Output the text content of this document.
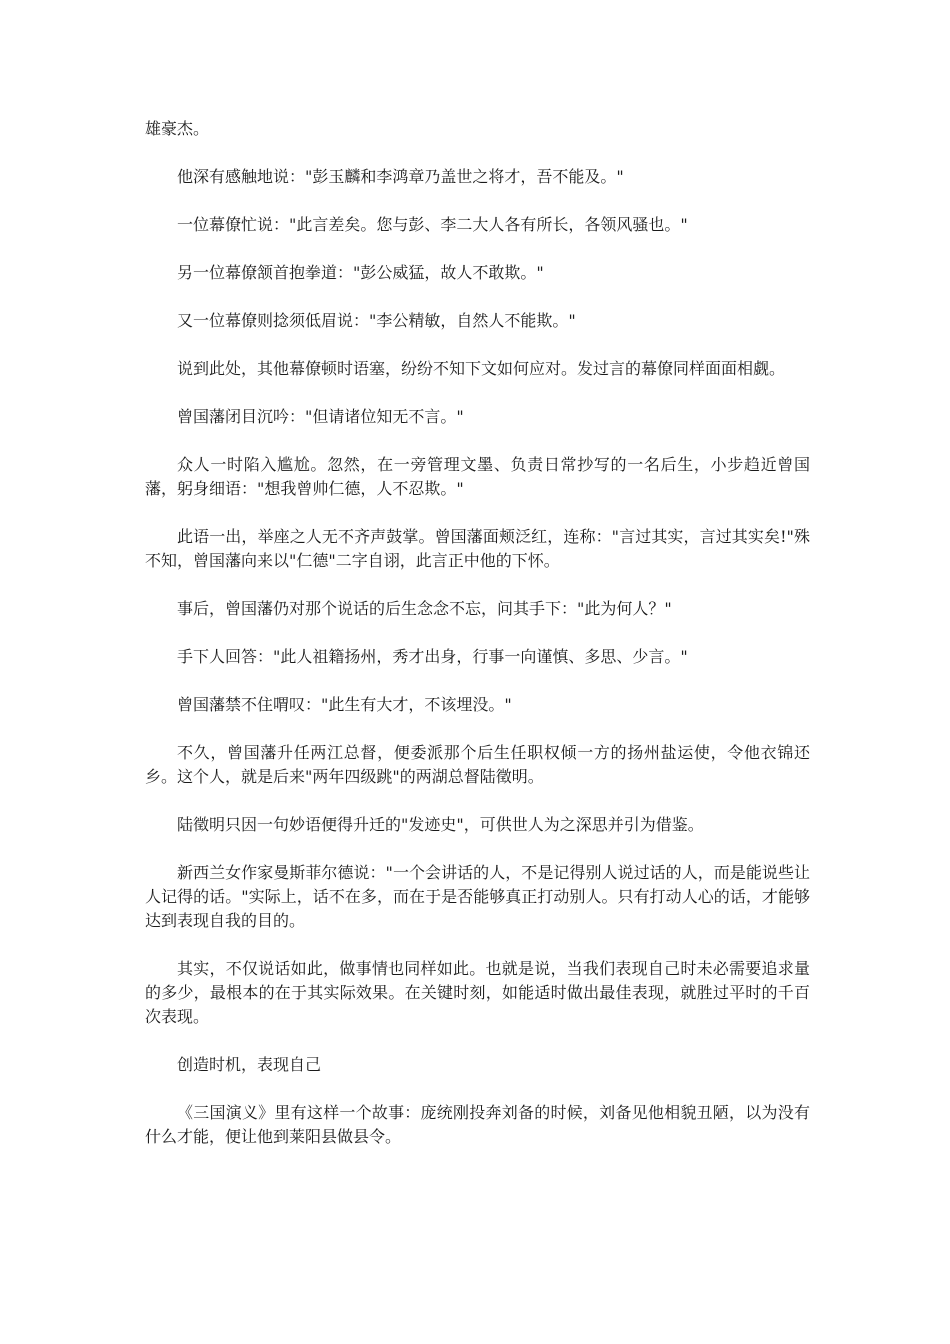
雄豪杰。

他深有感触地说："彭玉麟和李鸿章乃盖世之将才，吾不能及。"

一位幕僚忙说："此言差矣。您与彭、李二大人各有所长，各领风骚也。"

另一位幕僚颔首抱拳道："彭公威猛，故人不敢欺。"

又一位幕僚则捻须低眉说："李公精敏，自然人不能欺。"

说到此处，其他幕僚顿时语塞，纷纷不知下文如何应对。发过言的幕僚同样面面相觑。

曾国藩闭目沉吟："但请诸位知无不言。"

众人一时陷入尴尬。忽然，在一旁管理文墨、负责日常抄写的一名后生，小步趋近曾国藩，躬身细语："想我曾帅仁德，人不忍欺。"

此语一出，举座之人无不齐声鼓掌。曾国藩面颊泛红，连称："言过其实，言过其实矣!"殊不知，曾国藩向来以"仁德"二字自诩，此言正中他的下怀。

事后，曾国藩仍对那个说话的后生念念不忘，问其手下："此为何人？"

手下人回答："此人祖籍扬州，秀才出身，行事一向谨慎、多思、少言。"

曾国藩禁不住喟叹："此生有大才，不该埋没。"

不久，曾国藩升任两江总督，便委派那个后生任职权倾一方的扬州盐运使，令他衣锦还乡。这个人，就是后来"两年四级跳"的两湖总督陆徵明。

陆徵明只因一句妙语便得升迁的"发迹史"，可供世人为之深思并引为借鉴。

新西兰女作家曼斯菲尔德说："一个会讲话的人，不是记得别人说过话的人，而是能说些让人记得的话。"实际上，话不在多，而在于是否能够真正打动别人。只有打动人心的话，才能够达到表现自我的目的。

其实，不仅说话如此，做事情也同样如此。也就是说，当我们表现自己时未必需要追求量的多少，最根本的在于其实际效果。在关键时刻，如能适时做出最佳表现，就胜过平时的千百次表现。

创造时机，表现自己

《三国演义》里有这样一个故事：庞统刚投奔刘备的时候，刘备见他相貌丑陋，以为没有什么才能，便让他到莱阳县做县令。
